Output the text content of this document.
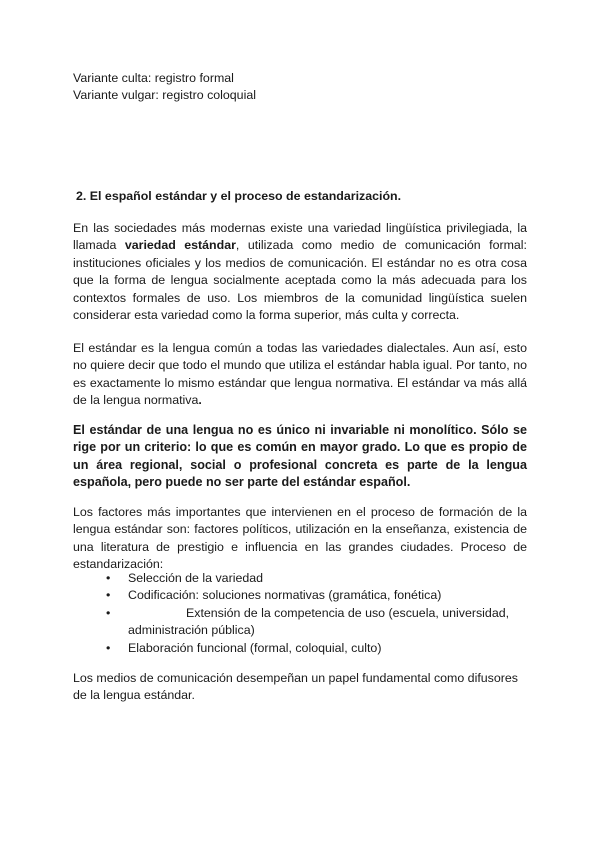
Variante culta: registro formal
Variante vulgar: registro coloquial
2. El español estándar y el proceso de estandarización.

En las sociedades más modernas existe una variedad lingüística privilegiada, la llamada variedad estándar, utilizada como medio de comunicación formal: instituciones oficiales y los medios de comunicación. El estándar no es otra cosa que la forma de lengua socialmente aceptada como la más adecuada para los contextos formales de uso. Los miembros de la comunidad lingüística suelen considerar esta variedad como la forma superior, más culta y correcta.

El estándar es la lengua común a todas las variedades dialectales. Aun así, esto no quiere decir que todo el mundo que utiliza el estándar habla igual. Por tanto, no es exactamente lo mismo estándar que lengua normativa. El estándar va más allá de la lengua normativa.

El estándar de una lengua no es único ni invariable ni monolítico. Sólo se rige por un criterio: lo que es común en mayor grado. Lo que es propio de un área regional, social o profesional concreta es parte de la lengua española, pero puede no ser parte del estándar español.

Los factores más importantes que intervienen en el proceso de formación de la lengua estándar son: factores políticos, utilización en la enseñanza, existencia de una literatura de prestigio e influencia en las grandes ciudades. Proceso de estandarización:

• Selección de la variedad
• Codificación: soluciones normativas (gramática, fonética)
•	Extensión de la competencia de uso (escuela, universidad,
administración pública)
• Elaboración funcional (formal, coloquial, culto)

Los medios de comunicación desempeñan un papel fundamental como difusores de la lengua estándar.
